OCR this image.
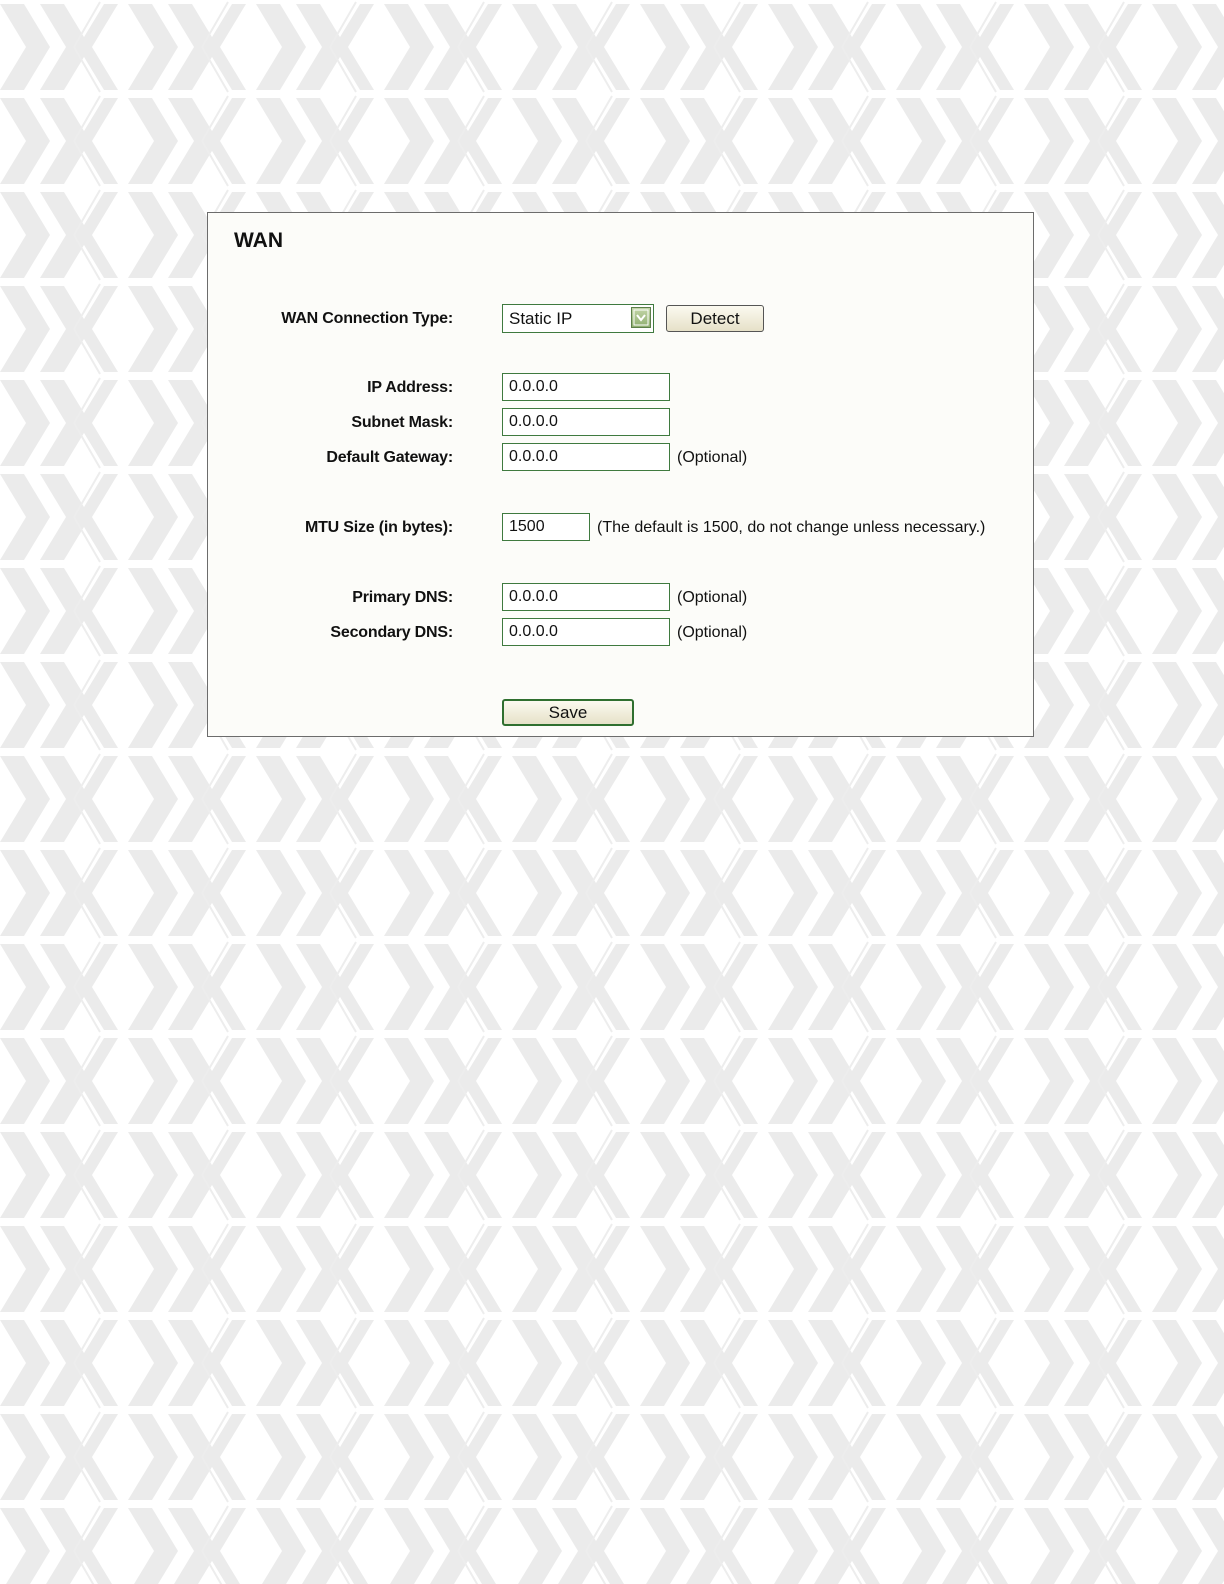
WAN
WAN Connection Type:	Static IP	Detect
IP Address:
0.0.0.0
Subnet Mask:
0.0.0.0
Default Gateway:
0.0.0.0	(Optional)
MTU Size (in bytes):
1500	(The default is 1500, do not change unless necessary.)
Primary DNS:
0.0.0.0	(Optional)
Secondary DNS:
0.0.0.0	(Optional)
Save
